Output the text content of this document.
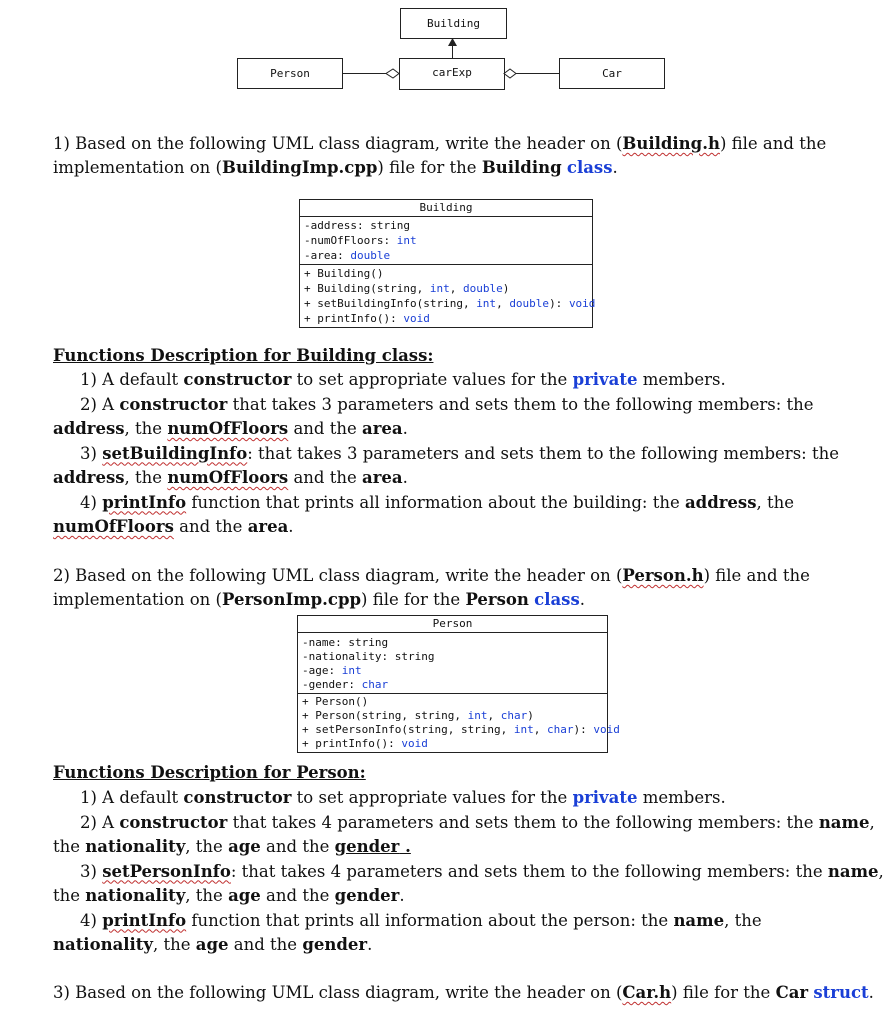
Building
Person	carExp	Car
1) Based on the following UML class diagram, write the header on (Building.h) file and the
implementation on (BuildingImp.cpp) file for the Building class.
Building
-address: string
-numOfFloors: int
-area: double
+ Building()
+ Building(string, int, double)
+ setBuildingInfo(string, int, double): void
+ printInfo(): void
Functions Description for Building class:
1) A default constructor to set appropriate values for the private members.
2) A constructor that takes 3 parameters and sets them to the following members: the
address, the numOfFloors and the area.
3) setBuildingInfo: that takes 3 parameters and sets them to the following members: the
address, the numOfFloors and the area.
4) printInfo function that prints all information about the building: the address, the
numOfFloors and the area.
2) Based on the following UML class diagram, write the header on (Person.h) file and the
implementation on (PersonImp.cpp) file for the Person class.
Person
-name: string
-nationality: string
-age: int
-gender: char
+ Person()
+ Person(string, string, int, char)
+ setPersonInfo(string, string, int, char): void
+ printInfo(): void
Functions Description for Person:
1) A default constructor to set appropriate values for the private members.
2) A constructor that takes 4 parameters and sets them to the following members: the name,
the nationality, the age and the gender .
3) setPersonInfo: that takes 4 parameters and sets them to the following members: the name,
the nationality, the age and the gender.
4) printInfo function that prints all information about the person: the name, the
nationality, the age and the gender.
3) Based on the following UML class diagram, write the header on (Car.h) file for the Car struct.
